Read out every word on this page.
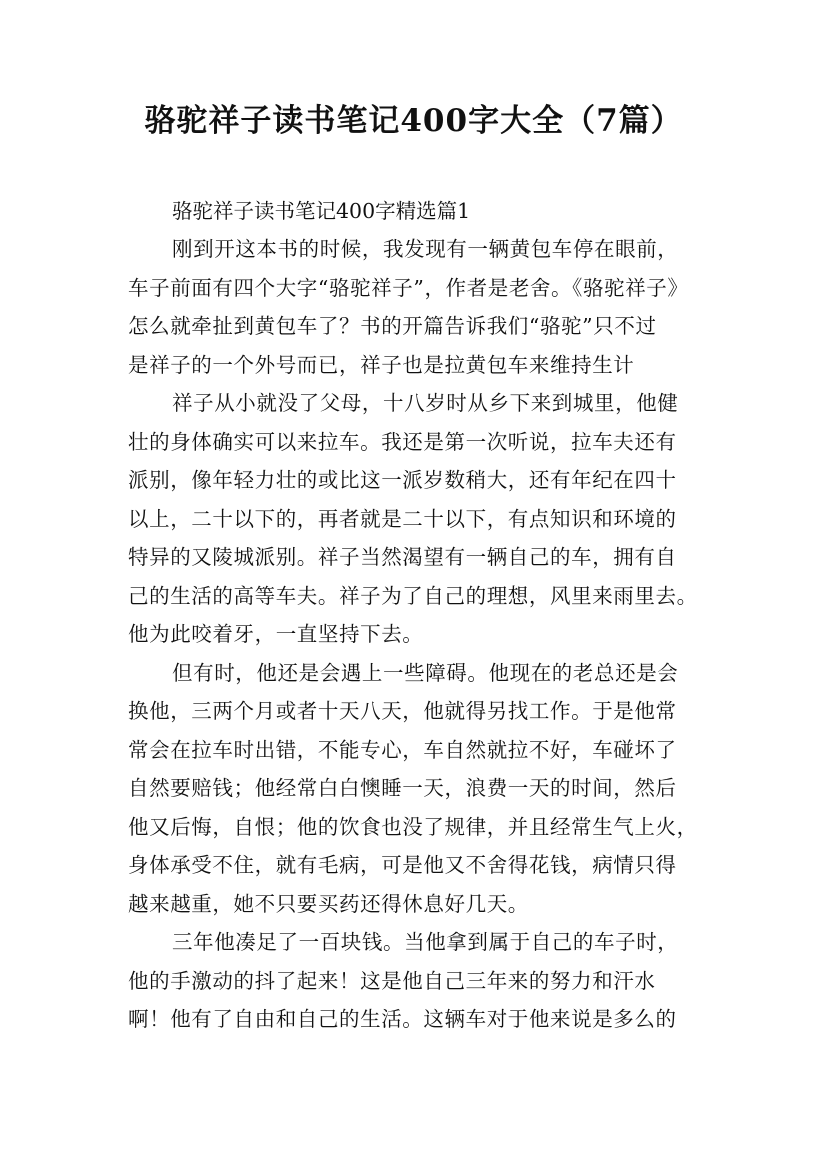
骆驼祥子读书笔记400字大全（7篇）
骆驼祥子读书笔记400字精选篇1

刚到开这本书的时候，我发现有一辆黄包车停在眼前，
车子前面有四个大字“骆驼祥子”，作者是老舍。《骆驼祥子》
怎么就牵扯到黄包车了？书的开篇告诉我们“骆驼”只不过
是祥子的一个外号而已，祥子也是拉黄包车来维持生计

祥子从小就没了父母，十八岁时从乡下来到城里，他健
壮的身体确实可以来拉车。我还是第一次听说，拉车夫还有
派别，像年轻力壮的或比这一派岁数稍大，还有年纪在四十
以上，二十以下的，再者就是二十以下，有点知识和环境的
特异的又陵城派别。祥子当然渴望有一辆自己的车，拥有自
己的生活的高等车夫。祥子为了自己的理想，风里来雨里去。
他为此咬着牙，一直坚持下去。

但有时，他还是会遇上一些障碍。他现在的老总还是会
换他，三两个月或者十天八天，他就得另找工作。于是他常
常会在拉车时出错，不能专心，车自然就拉不好，车碰坏了
自然要赔钱；他经常白白懊睡一天，浪费一天的时间，然后
他又后悔，自恨；他的饮食也没了规律，并且经常生气上火，
身体承受不住，就有毛病，可是他又不舍得花钱，病情只得
越来越重，她不只要买药还得休息好几天。

三年他凑足了一百块钱。当他拿到属于自己的车子时，
他的手激动的抖了起来！这是他自己三年来的努力和汗水
啊！他有了自由和自己的生活。这辆车对于他来说是多么的
